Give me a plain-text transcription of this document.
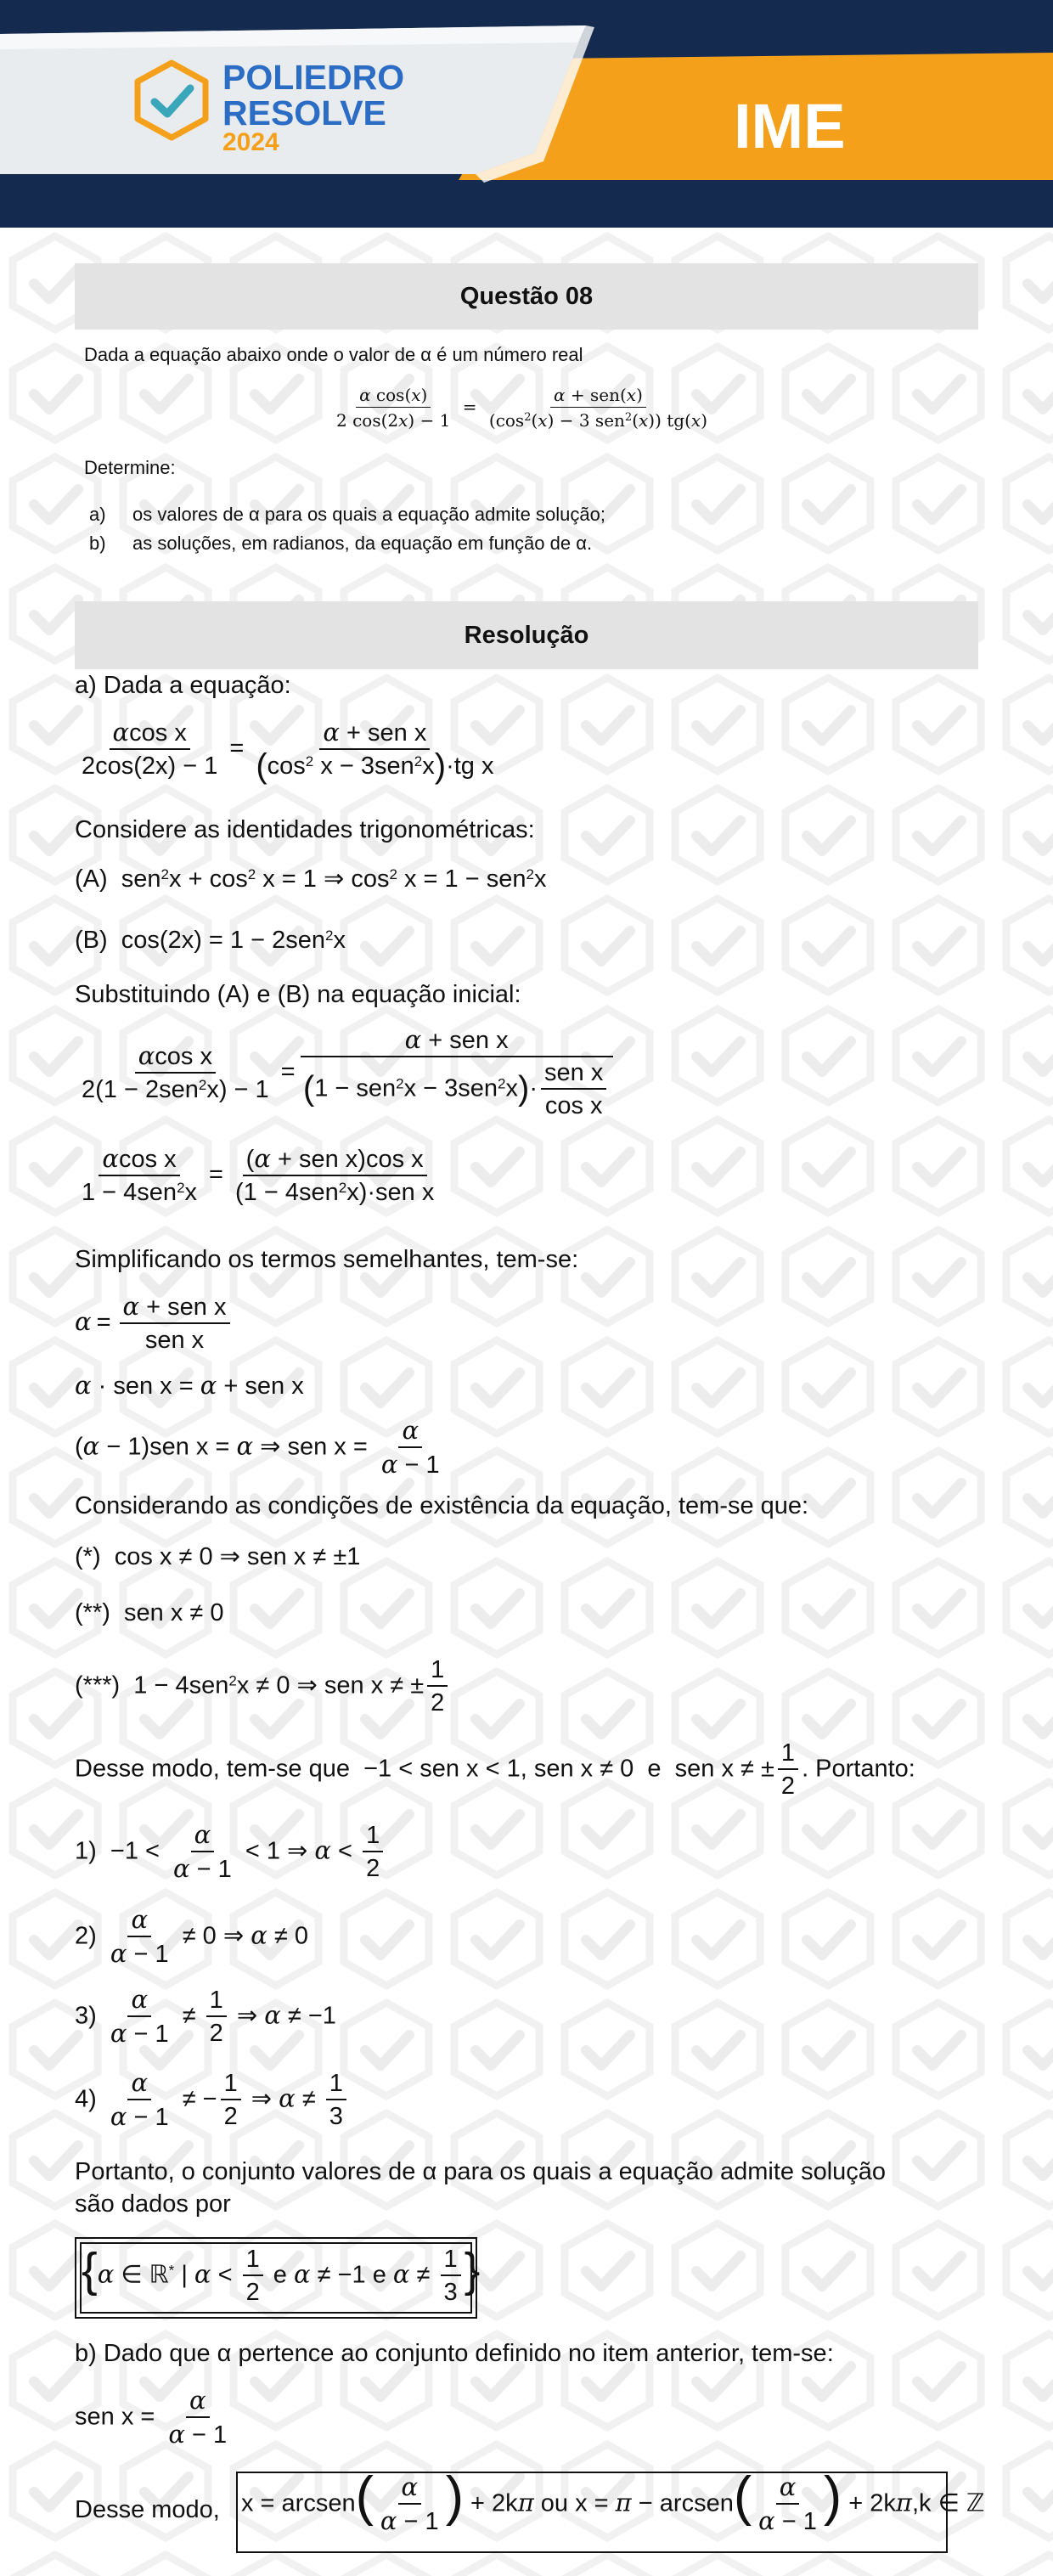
POLIEDRO
RESOLVE
2024	IME
Questão 08
Dada a equação abaixo onde o valor de α é um número real
$\frac{\text{α cos(x)}}{2 \cos(2x) - 1} = \frac{\text{α + sen(x)}}{(\cos^2(x) - 3 sen^2(x)) tg(x)}$
Determine:
a) os valores de α para os quais a equação admite solução;
b) as soluções, em radianos, da equação em função de α.
Resolução
a) Dada a equação:
$\frac{\text{αcos x}}{2\cos(2x) - 1} = \frac{\text{α + sen x}}{(\cos^2 x - 3sen^2x)\cdot tg x}$
Considere as identidades trigonométricas:
(A)  $sen^2x + \cos^2 x = 1$ ⇒ $\cos^2 x = 1 - sen^2x$
(B)  cos(2x) = 1 − 2sen$^2$x
Substituindo (A) e (B) na equação inicial:
$\frac{\text{αcos x}}{2(1 - 2sen^2x) - 1} = \frac{\text{α + sen x}}{(1 - sen^2x - 3sen^2x)\cdot \frac{\text{sen x}}{\text{cos x}}}$
$\frac{\text{αcos x}}{1 - 4sen^2x} = \frac{\text{(α + sen x)cos x}}{(1 - 4sen^2x)\cdot sen x}$
Simplificando os termos semelhantes, tem-se:
$\alpha = \frac{\text{α + sen x}}{\text{sen x}}$
α · sen x = α + sen x
(α − 1)sen x = α ⇒ sen $x = \frac{\alpha}{\alpha - 1}$
Considerando as condições de existência da equação, tem-se que:
(*)  cos x ≠ 0 ⇒ sen x ≠ ±1
(**)  sen x ≠ 0
(***)  1 − 4sen$^2$x ≠ 0 ⇒ sen x ≠ ± $\frac{1}{2}$
Desse modo, tem-se que  −1 < sen x < 1, sen x ≠ 0  e  sen x ≠ ± $\frac{1}{2}$ . Portanto:
$1) -1 < \frac{\alpha}{\alpha - 1} < 1$ ⇒ $\alpha < \frac{1}{2}$
$2) \frac{\alpha}{\alpha - 1} \ne 0$ ⇒ α ≠ 0
$3) \frac{\alpha}{\alpha - 1} \ne \frac{1}{2}$ ⇒ α ≠ −1
$4) \frac{\alpha}{\alpha - 1}$ ≠ − $\frac{1}{2}$ ⇒ $\alpha \ne \frac{1}{3}$
Portanto, o conjunto valores de α para os quais a equação admite solução
são dados por
{α ∈ ℝ* | $\alpha < \frac{1}{2}$ e α ≠ −1 e $\alpha \ne \frac{1}{3}$ }
b) Dado que α pertence ao conjunto definido no item anterior, tem-se:
sen $x = \frac{\alpha}{\alpha - 1}$
Desse modo, x = arcsen( $\frac{\alpha}{\alpha - 1}$ ) + 2kπ ou x = π − arcsen( $\frac{\alpha}{\alpha - 1}$ ) + 2kπ,k ∈ ℤ
